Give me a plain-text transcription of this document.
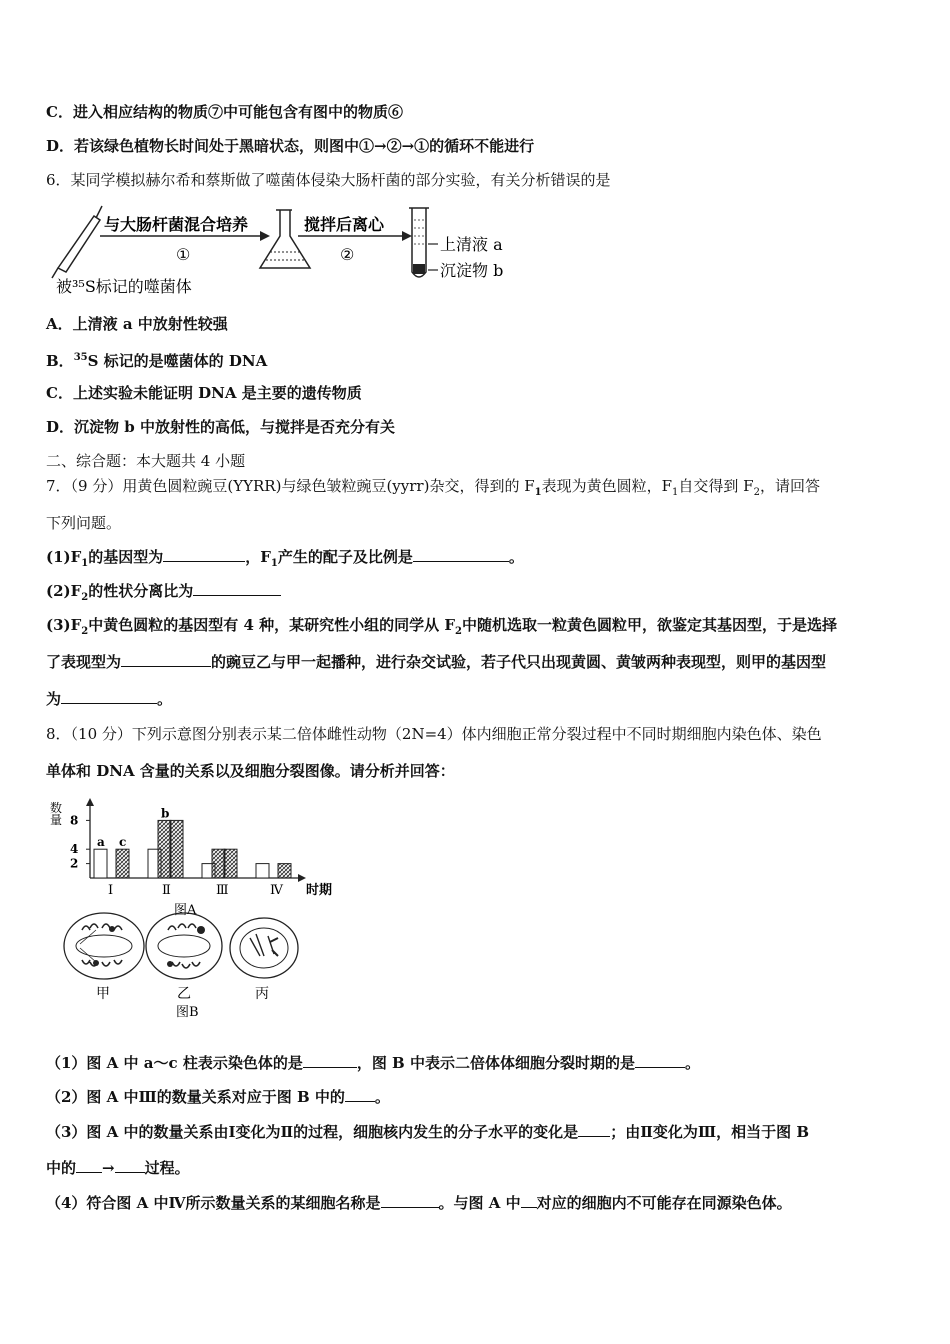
C．进入相应结构的物质⑦中可能包含有图中的物质⑥
D．若该绿色植物长时间处于黑暗状态，则图中①→②→①的循环不能进行
6．某同学模拟赫尔希和蔡斯做了噬菌体侵染大肠杆菌的部分实验，有关分析错误的是
与大肠杆菌混合培养
①
搅拌后离心
②
上清液 a
沉淀物 b
被³⁵S标记的噬菌体
A．上清液 a 中放射性较强
B．$^{35}$S 标记的是噬菌体的 DNA
C．上述实验未能证明 DNA 是主要的遗传物质
D．沉淀物 b 中放射性的高低，与搅拌是否充分有关
二、综合题：本大题共 4 小题
7．（9 分）用黄色圆粒豌豆(YYRR)与绿色皱粒豌豆(yyrr)杂交，得到的 $F_1$表现为黄色圆粒，$F_1$自交得到 $F_2$，请回答
下列问题。
$(1)F_1$的基因型为	，$F_1$产生的配子及比例是	。
$(2)F_2$的性状分离比为
$(3)F_2$中黄色圆粒的基因型有 4 种，某研究性小组的同学从 $F_2$中随机选取一粒黄色圆粒甲，欲鉴定其基因型，于是选择
了表现型为	的豌豆乙与甲一起播种，进行杂交试验，若子代只出现黄圆、黄皱两种表现型，则甲的基因型
为	。
8．（10 分）下列示意图分别表示某二倍体雌性动物（2N=4）体内细胞正常分裂过程中不同时期细胞内染色体、染色
单体和 DNA 含量的关系以及细胞分裂图像。请分析并回答：
数
量
2
4
8
a c
Ⅰ
b
Ⅱ	Ⅲ	Ⅳ 时期
图A
甲	乙	丙
图B
（1）图 A 中 a～c 柱表示染色体的是	，图 B 中表示二倍体体细胞分裂时期的是	。
（2）图 A 中Ⅲ的数量关系对应于图 B 中的 。
（3）图 A 中的数量关系由Ⅰ变化为Ⅱ的过程，细胞核内发生的分子水平的变化是 ；由Ⅱ变化为Ⅲ，相当于图 B
中的 → 过程。
（4）符合图 A 中Ⅳ所示数量关系的某细胞名称是	。与图 A 中 对应的细胞内不可能存在同源染色体。
